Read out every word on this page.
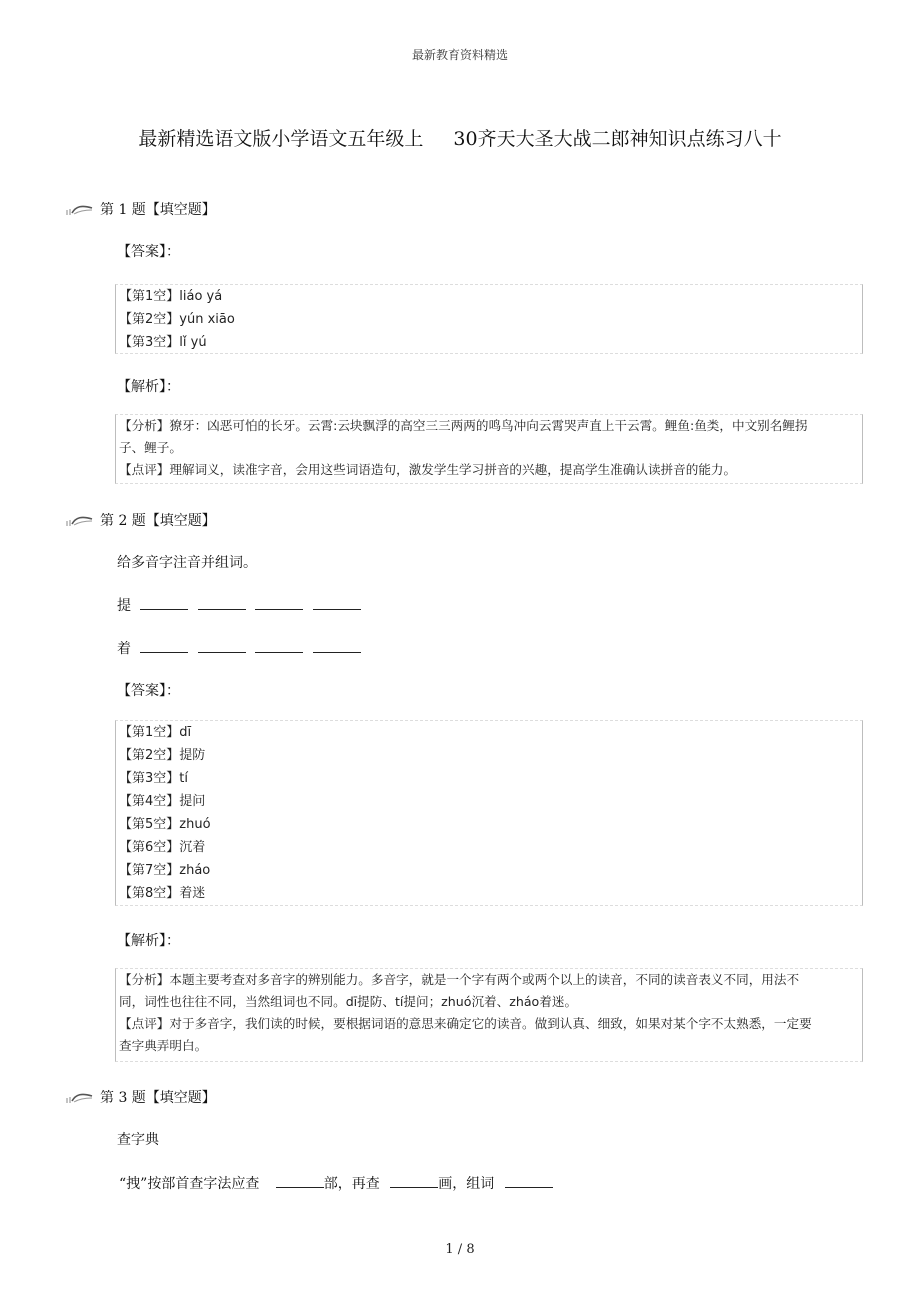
最新教育资料精选
最新精选语文版小学语文五年级上 30齐天大圣大战二郎神知识点练习八十
第 1 题【填空题】
【答案】：
【第1空】liáo yá
【第2空】yún xiāo
【第3空】lǐ yú
【解析】：
【分析】獠牙：凶恶可怕的长牙。云霄:云块飘浮的高空三三两两的鸣鸟冲向云霄哭声直上干云霄。鲤鱼:鱼类，中文别名鲤拐
子、鲤子。
【点评】理解词义，读准字音，会用这些词语造句，激发学生学习拼音的兴趣，提高学生准确认读拼音的能力。
第 2 题【填空题】
给多音字注音并组词。
提
着
【答案】：
【第1空】dī
【第2空】提防
【第3空】tí
【第4空】提问
【第5空】zhuó
【第6空】沉着
【第7空】zháo
【第8空】着迷
【解析】：
【分析】本题主要考查对多音字的辨别能力。多音字，就是一个字有两个或两个以上的读音，不同的读音表义不同，用法不
同，词性也往往不同，当然组词也不同。dī提防、tí提问；zhuó沉着、zháo着迷。
【点评】对于多音字，我们读的时候，要根据词语的意思来确定它的读音。做到认真、细致，如果对某个字不太熟悉，一定要
查字典弄明白。
第 3 题【填空题】
查字典
“拽”按部首查字法应查	部，再查	画，组词
1 / 8
